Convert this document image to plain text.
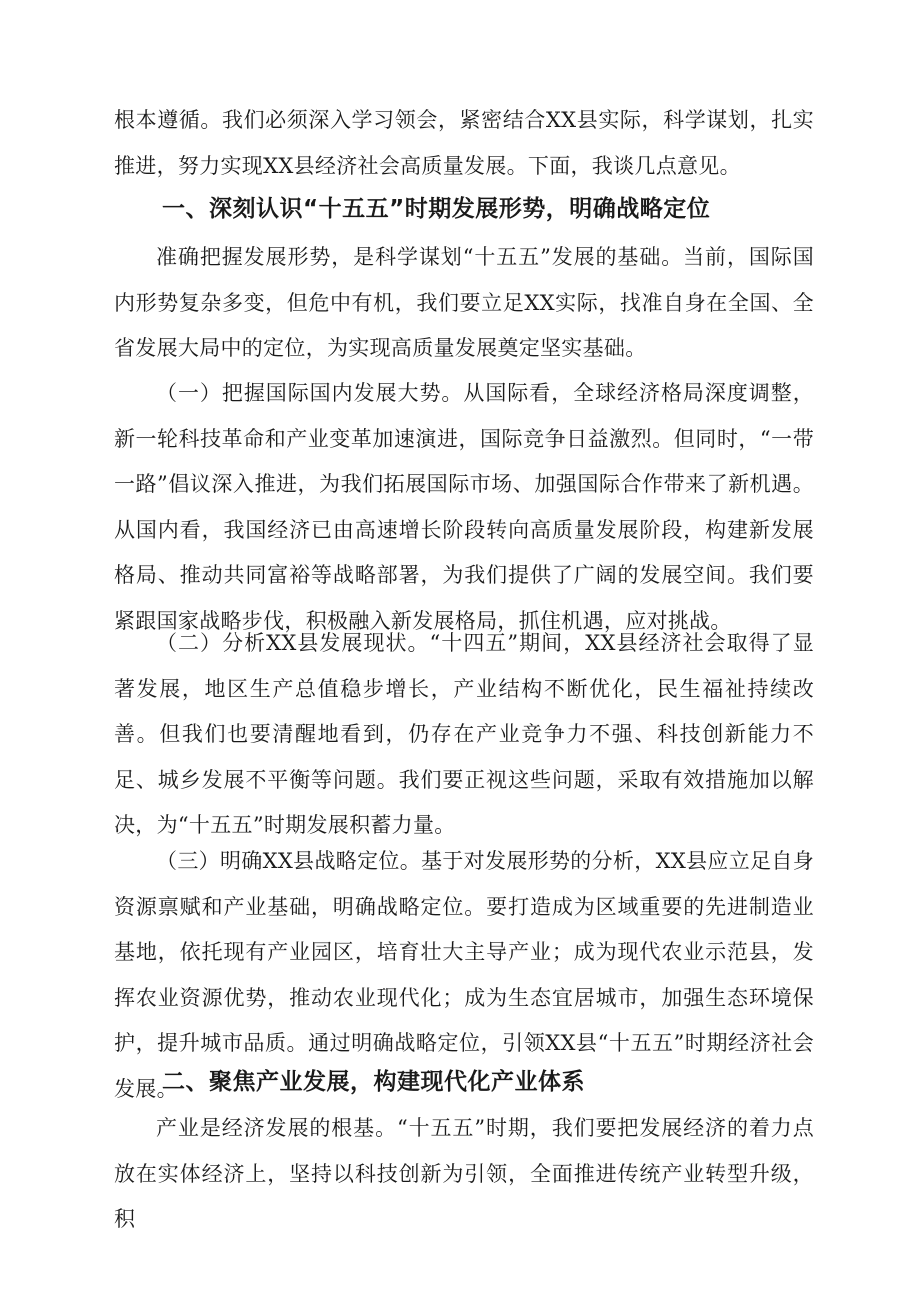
根本遵循。我们必须深入学习领会，紧密结合XX县实际，科学谋划，扎实推进，努力实现XX县经济社会高质量发展。下面，我谈几点意见。

一、深刻认识“十五五”时期发展形势，明确战略定位

准确把握发展形势，是科学谋划“十五五”发展的基础。当前，国际国内形势复杂多变，但危中有机，我们要立足XX实际，找准自身在全国、全省发展大局中的定位，为实现高质量发展奠定坚实基础。

（一）把握国际国内发展大势。从国际看，全球经济格局深度调整，新一轮科技革命和产业变革加速演进，国际竞争日益激烈。但同时，“一带一路”倡议深入推进，为我们拓展国际市场、加强国际合作带来了新机遇。从国内看，我国经济已由高速增长阶段转向高质量发展阶段，构建新发展格局、推动共同富裕等战略部署，为我们提供了广阔的发展空间。我们要紧跟国家战略步伐，积极融入新发展格局，抓住机遇，应对挑战。

（二）分析XX县发展现状。“十四五”期间，XX县经济社会取得了显著发展，地区生产总值稳步增长，产业结构不断优化，民生福祉持续改善。但我们也要清醒地看到，仍存在产业竞争力不强、科技创新能力不足、城乡发展不平衡等问题。我们要正视这些问题，采取有效措施加以解决，为“十五五”时期发展积蓄力量。

（三）明确XX县战略定位。基于对发展形势的分析，XX县应立足自身资源禀赋和产业基础，明确战略定位。要打造成为区域重要的先进制造业基地，依托现有产业园区，培育壮大主导产业；成为现代农业示范县，发挥农业资源优势，推动农业现代化；成为生态宜居城市，加强生态环境保护，提升城市品质。通过明确战略定位，引领XX县“十五五”时期经济社会发展。

二、聚焦产业发展，构建现代化产业体系

产业是经济发展的根基。“十五五”时期，我们要把发展经济的着力点放在实体经济上，坚持以科技创新为引领，全面推进传统产业转型升级，积
